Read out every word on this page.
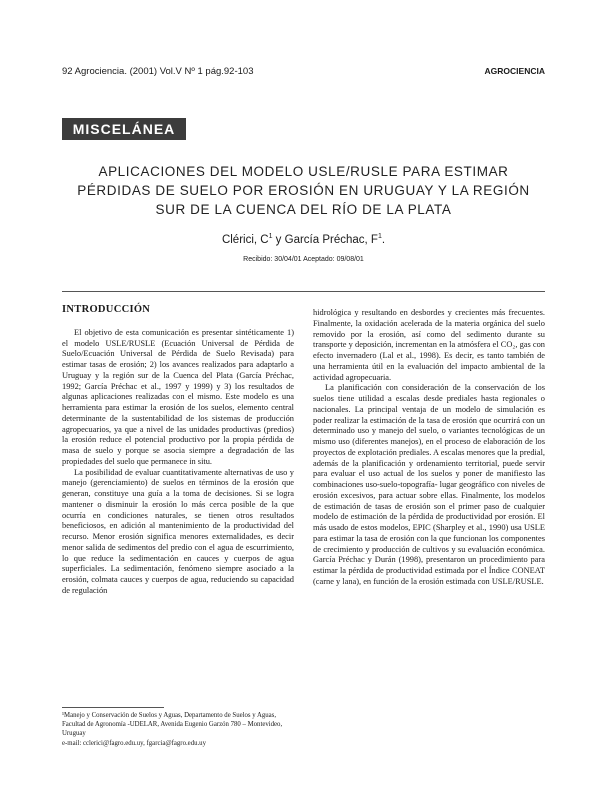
92 Agrociencia. (2001) Vol.V Nº 1 pág.92-103	AGROCIENCIA
MISCELÁNEA
APLICACIONES DEL MODELO USLE/RUSLE PARA ESTIMAR
PÉRDIDAS DE SUELO POR EROSIÓN EN URUGUAY Y LA REGIÓN
SUR DE LA CUENCA DEL RÍO DE LA PLATA
Clérici, $C^1$ y García Préchac, $F^1$.
Recibido: 30/04/01 Aceptado: 09/08/01
INTRODUCCIÓN

El objetivo de esta comunicación es presentar sintéticamente 1) el modelo USLE/RUSLE (Ecuación Universal de Pérdida de Suelo/Ecuación Universal de Pérdida de Suelo Revisada) para estimar tasas de erosión; 2) los avances realizados para adaptarlo a Uruguay y la región sur de la Cuenca del Plata (García Préchac, 1992; García Préchac et al., 1997 y 1999) y 3) los resultados de algunas aplicaciones realizadas con el mismo. Este modelo es una herramienta para estimar la erosión de los suelos, elemento central determinante de la sustentabilidad de los sistemas de producción agropecuarios, ya que a nivel de las unidades productivas (predios) la erosión reduce el potencial productivo por la propia pérdida de masa de suelo y porque se asocia siempre a degradación de las propiedades del suelo que permanece in situ.

La posibilidad de evaluar cuantitativamente alternativas de uso y manejo (gerenciamiento) de suelos en términos de la erosión que generan, constituye una guía a la toma de decisiones. Si se logra mantener o disminuir la erosión lo más cerca posible de la que ocurría en condiciones naturales, se tienen otros resultados beneficiosos, en adición al mantenimiento de la productividad del recurso. Menor erosión significa menores externalidades, es decir menor salida de sedimentos del predio con el agua de escurrimiento, lo que reduce la sedimentación en cauces y cuerpos de agua superficiales. La sedimentación, fenómeno siempre asociado a la erosión, colmata cauces y cuerpos de agua, reduciendo su capacidad de regulación

hidrológica y resultando en desbordes y crecientes más frecuentes. Finalmente, la oxidación acelerada de la materia orgánica del suelo removido por la erosión, así como del sedimento durante su transporte y deposición, incrementan en la atmósfera el CO₂, gas con efecto invernadero (Lal et al., 1998). Es decir, es tanto también de una herramienta útil en la evaluación del impacto ambiental de la actividad agropecuaria.

La planificación con consideración de la conservación de los suelos tiene utilidad a escalas desde prediales hasta regionales o nacionales. La principal ventaja de un modelo de simulación es poder realizar la estimación de la tasa de erosión que ocurrirá con un determinado uso y manejo del suelo, o variantes tecnológicas de un mismo uso (diferentes manejos), en el proceso de elaboración de los proyectos de explotación prediales. A escalas menores que la predial, además de la planificación y ordenamiento territorial, puede servir para evaluar el uso actual de los suelos y poner de manifiesto las combinaciones uso-suelo-topografía- lugar geográfico con niveles de erosión excesivos, para actuar sobre ellas. Finalmente, los modelos de estimación de tasas de erosión son el primer paso de cualquier modelo de estimación de la pérdida de productividad por erosión. El más usado de estos modelos, EPIC (Sharpley et al., 1990) usa USLE para estimar la tasa de erosión con la que funcionan los componentes de crecimiento y producción de cultivos y su evaluación económica. García Préchac y Durán (1998), presentaron un procedimiento para estimar la pérdida de productividad estimada por el Índice CONEAT (carne y lana), en función de la erosión estimada con USLE/RUSLE.

¹Manejo y Conservación de Suelos y Aguas, Departamento de Suelos y Aguas, Facultad de Agronomía -UDELAR, Avenida Eugenio Garzón 780 – Montevideo, Uruguay
e-mail: cclerici@fagro.edu.uy, fgarcia@fagro.edu.uy
